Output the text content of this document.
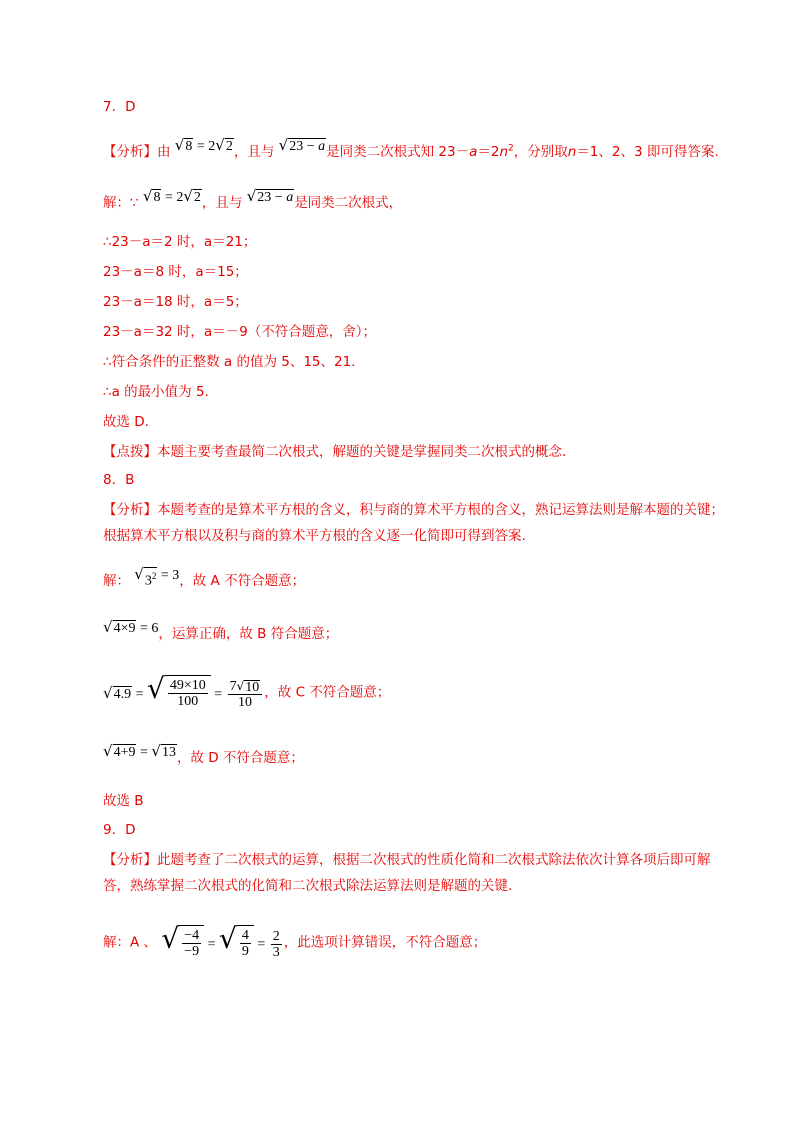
7．D
【分析】由 √ 8 = 2 √ 2 ，且与 √ 23 − a 是同类二次根式知 $23-a=2n^2$，分别取n＝1、2、3 即可得答案.
解：∵ √ 8 = 2 √ 2 ，且与 √ 23 − a 是同类二次根式，
∴23－a＝2 时，a＝21；
23－a＝8 时，a＝15；
23－a＝18 时，a＝5；
23－a＝32 时，a＝－9（不符合题意，舍）；
∴符合条件的正整数 a 的值为 5、15、21.
∴a 的最小值为 5.
故选 D.
【点拨】本题主要考查最简二次根式，解题的关键是掌握同类二次根式的概念.
8．B
【分析】本题考查的是算术平方根的含义，积与商的算术平方根的含义，熟记运算法则是解本题的关键；根据算术平方根以及积与商的算术平方根的含义逐一化简即可得到答案.
解： √ $3^2 = 3$，故 A 不符合题意；
√ 4×9 = 6，运算正确，故 B 符合题意；
√ 4.9 = √ $\frac{49\times 10}{100} = \frac{7 √ 10}{10}$ ，故 C 不符合题意；
√ 4+9 = √ 13 ，故 D 不符合题意；
故选 B
9．D
【分析】此题考查了二次根式的运算，根据二次根式的性质化简和二次根式除法依次计算各项后即可解答，熟练掌握二次根式的化简和二次根式除法运算法则是解题的关键.
解：A 、 √ $\frac{-4}{-9}$ = √ $\frac{4}{9} = \frac{2}{3}$ ，此选项计算错误，不符合题意；
